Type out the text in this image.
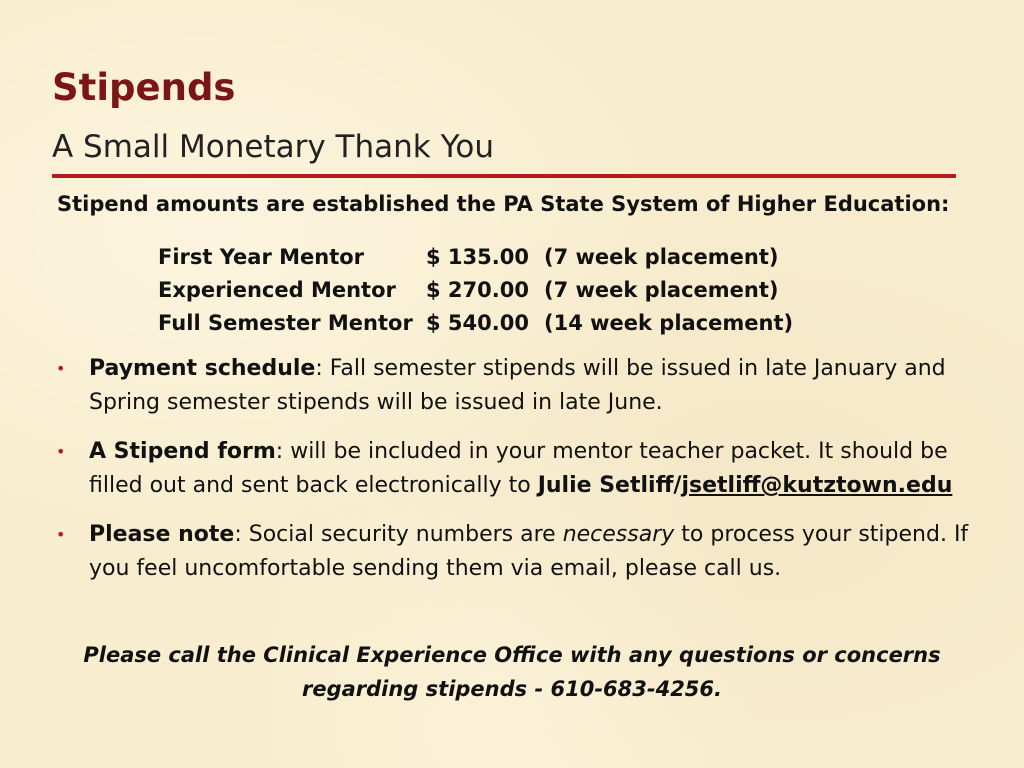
Stipends
A Small Monetary Thank You
Stipend amounts are established the PA State System of Higher Education:
First Year Mentor	$ 135.00	(7 week placement)
Experienced Mentor	$ 270.00	(7 week placement)
Full Semester Mentor	$ 540.00	(14 week placement)
• Payment schedule: Fall semester stipends will be issued in late January and Spring semester stipends will be issued in late June.
• A Stipend form: will be included in your mentor teacher packet. It should be filled out and sent back electronically to Julie Setliff/jsetliff@kutztown.edu
• Please note: Social security numbers are necessary to process your stipend. If you feel uncomfortable sending them via email, please call us.
Please call the Clinical Experience Office with any questions or concerns
regarding stipends - 610-683-4256.
